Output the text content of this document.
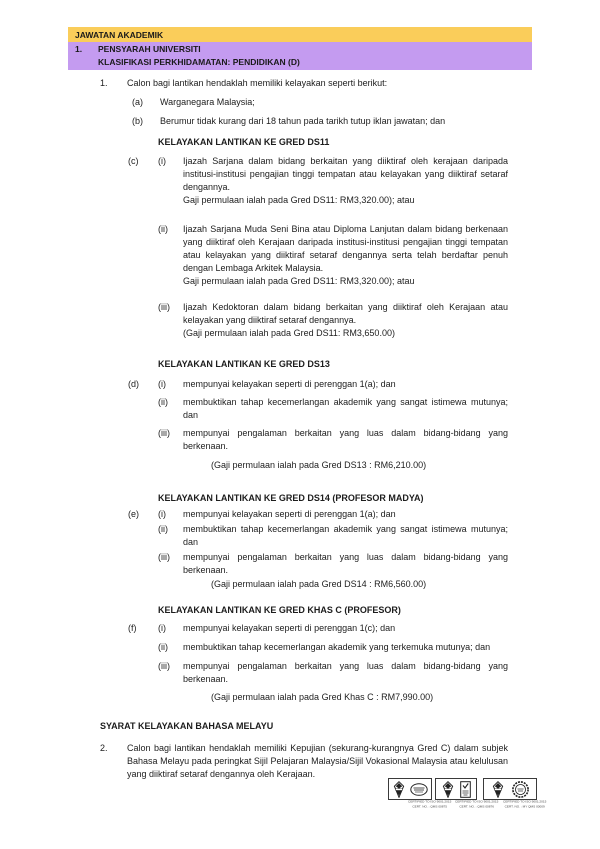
JAWATAN AKADEMIK
1.	PENSYARAH UNIVERSITI
KLASIFIKASI PERKHIDAMATAN: PENDIDIKAN (D)
1.	Calon bagi lantikan hendaklah memiliki kelayakan seperti berikut:
(a)	Warganegara Malaysia;
(b)	Berumur tidak kurang dari 18 tahun pada tarikh tutup iklan jawatan; dan
KELAYAKAN LANTIKAN KE GRED DS11
(c)	(i)	Ijazah Sarjana dalam bidang berkaitan yang diiktiraf oleh kerajaan daripada institusi-institusi pengajian tinggi tempatan atau kelayakan yang diiktiraf setaraf dengannya.

Gaji permulaan ialah pada Gred DS11: RM3,320.00); atau

(ii)	Ijazah Sarjana Muda Seni Bina atau Diploma Lanjutan dalam bidang berkenaan yang diiktiraf oleh Kerajaan daripada institusi-institusi pengajian tinggi tempatan atau kelayakan yang diiktiraf setaraf dengannya serta telah berdaftar penuh dengan Lembaga Arkitek Malaysia.

Gaji permulaan ialah pada Gred DS11: RM3,320.00); atau

(iii)	Ijazah Kedoktoran dalam bidang berkaitan yang diiktiraf oleh Kerajaan atau kelayakan yang diiktiraf setaraf dengannya.

(Gaji permulaan ialah pada Gred DS11: RM3,650.00)

KELAYAKAN LANTIKAN KE GRED DS13
(d)	(i)	mempunyai kelayakan seperti di perenggan 1(a); dan

(ii)	membuktikan tahap kecemerlangan akademik yang sangat istimewa mutunya; dan

(iii)	mempunyai pengalaman berkaitan yang luas dalam bidang-bidang yang berkenaan.

(Gaji permulaan ialah pada Gred DS13 : RM6,210.00)

KELAYAKAN LANTIKAN KE GRED DS14 (PROFESOR MADYA)
(e)	(i)	mempunyai kelayakan seperti di perenggan 1(a); dan

(ii)	membuktikan tahap kecemerlangan akademik yang sangat istimewa mutunya; dan

(iii)	mempunyai pengalaman berkaitan yang luas dalam bidang-bidang yang berkenaan.

(Gaji permulaan ialah pada Gred DS14 : RM6,560.00)

KELAYAKAN LANTIKAN KE GRED KHAS C (PROFESOR)
(f)	(i)	mempunyai kelayakan seperti di perenggan 1(c); dan

(ii)	membuktikan tahap kecemerlangan akademik yang terkemuka mutunya; dan

(iii)	mempunyai pengalaman berkaitan yang luas dalam bidang-bidang yang berkenaan.

(Gaji permulaan ialah pada Gred Khas C : RM7,990.00)

SYARAT KELAYAKAN BAHASA MELAYU
2.	Calon bagi lantikan hendaklah memiliki Kepujian (sekurang-kurangnya Gred C) dalam subjek Bahasa Melayu pada peringkat Sijil Pelajaran Malaysia/Sijil Vokasional Malaysia atau kelulusan yang diiktiraf setaraf dengannya oleh Kerajaan.

CERTIFIED TO ISO 9001:2015
CERT. NO. : QMS 00875
CERTIFIED TO ISO 9001:2015
CERT. NO. : QMS 00876
CERTIFIED TO ISO 9001:2015
CERT. NO. : MY QMS 00009
